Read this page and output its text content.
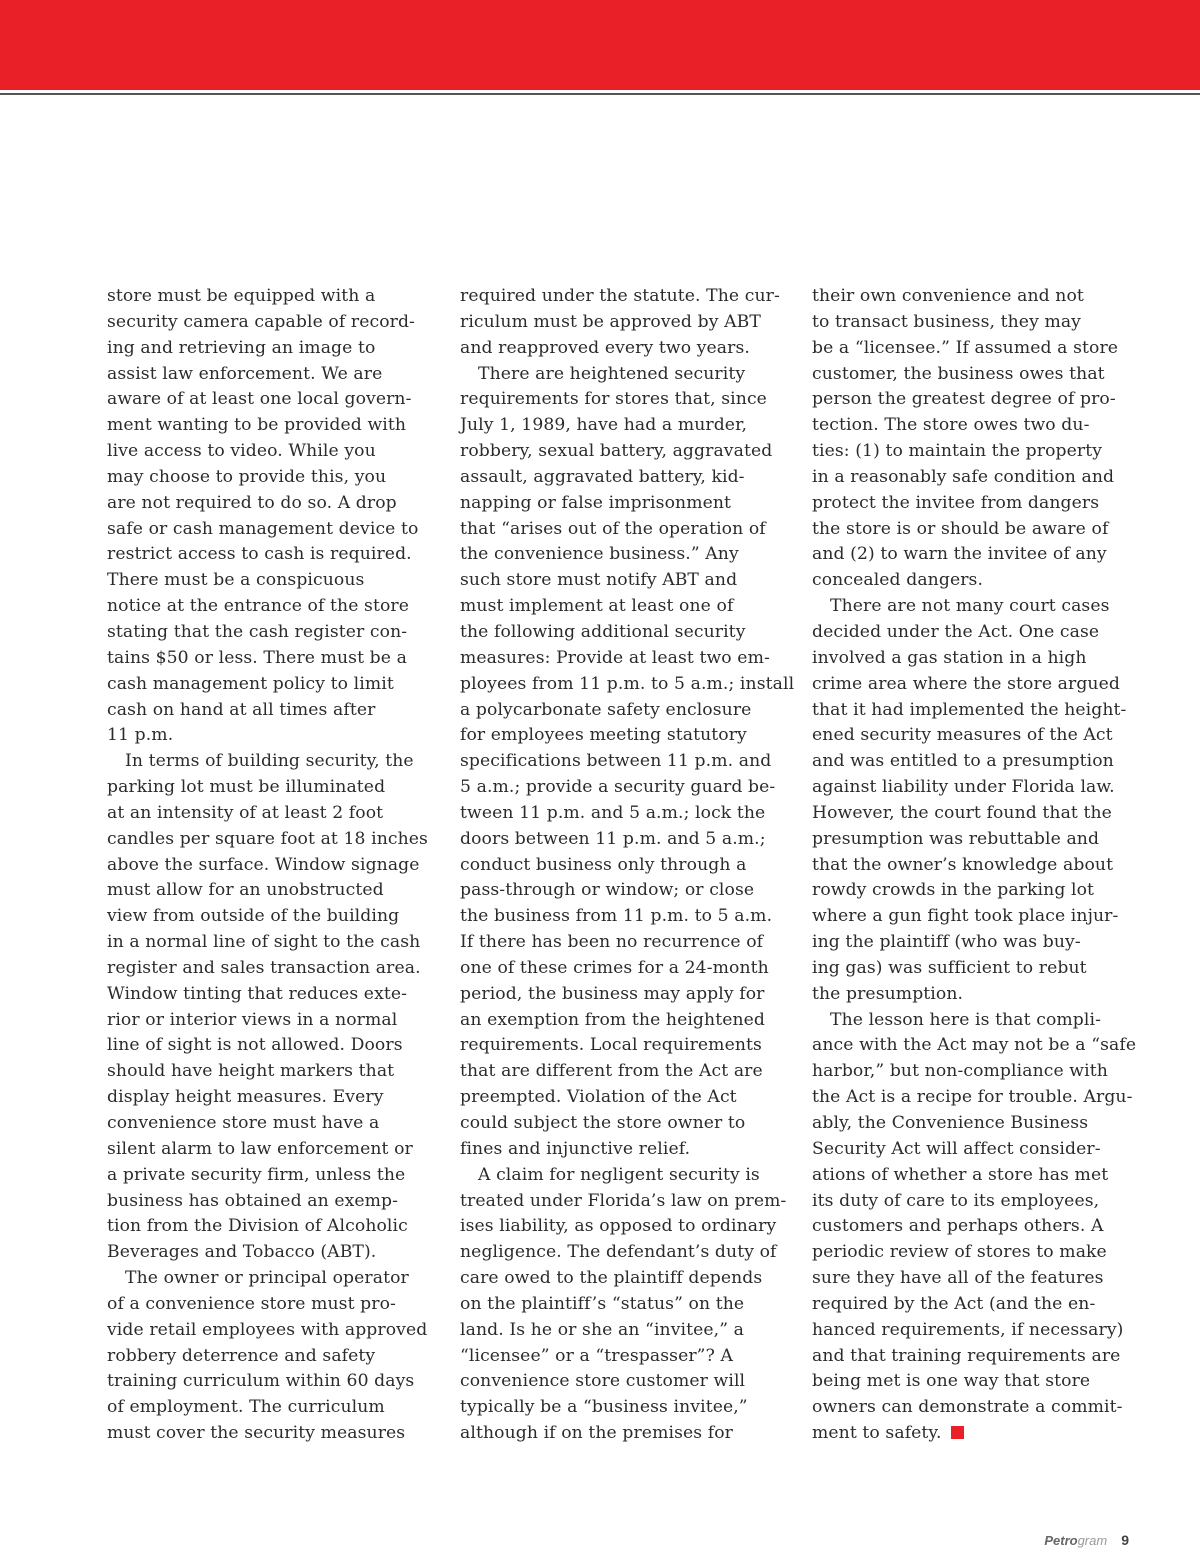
store must be equipped with a
security camera capable of record-
ing and retrieving an image to
assist law enforcement. We are
aware of at least one local govern-
ment wanting to be provided with
live access to video. While you
may choose to provide this, you
are not required to do so. A drop
safe or cash management device to
restrict access to cash is required.
There must be a conspicuous
notice at the entrance of the store
stating that the cash register con-
tains $50 or less. There must be a
cash management policy to limit
cash on hand at all times after
11 p.m.
In terms of building security, the
parking lot must be illuminated
at an intensity of at least 2 foot
candles per square foot at 18 inches
above the surface. Window signage
must allow for an unobstructed
view from outside of the building
in a normal line of sight to the cash
register and sales transaction area.
Window tinting that reduces exte-
rior or interior views in a normal
line of sight is not allowed. Doors
should have height markers that
display height measures. Every
convenience store must have a
silent alarm to law enforcement or
a private security firm, unless the
business has obtained an exemp-
tion from the Division of Alcoholic
Beverages and Tobacco (ABT).
The owner or principal operator
of a convenience store must pro-
vide retail employees with approved
robbery deterrence and safety
training curriculum within 60 days
of employment. The curriculum
must cover the security measures
required under the statute. The cur-
riculum must be approved by ABT
and reapproved every two years.
There are heightened security
requirements for stores that, since
July 1, 1989, have had a murder,
robbery, sexual battery, aggravated
assault, aggravated battery, kid-
napping or false imprisonment
that “arises out of the operation of
the convenience business.” Any
such store must notify ABT and
must implement at least one of
the following additional security
measures: Provide at least two em-
ployees from 11 p.m. to 5 a.m.; install
a polycarbonate safety enclosure
for employees meeting statutory
specifications between 11 p.m. and
5 a.m.; provide a security guard be-
tween 11 p.m. and 5 a.m.; lock the
doors between 11 p.m. and 5 a.m.;
conduct business only through a
pass-through or window; or close
the business from 11 p.m. to 5 a.m.
If there has been no recurrence of
one of these crimes for a 24-month
period, the business may apply for
an exemption from the heightened
requirements. Local requirements
that are different from the Act are
preempted. Violation of the Act
could subject the store owner to
fines and injunctive relief.
A claim for negligent security is
treated under Florida’s law on prem-
ises liability, as opposed to ordinary
negligence. The defendant’s duty of
care owed to the plaintiff depends
on the plaintiff’s “status” on the
land. Is he or she an “invitee,” a
“licensee” or a “trespasser”? A
convenience store customer will
typically be a “business invitee,”
although if on the premises for
their own convenience and not
to transact business, they may
be a “licensee.” If assumed a store
customer, the business owes that
person the greatest degree of pro-
tection. The store owes two du-
ties: (1) to maintain the property
in a reasonably safe condition and
protect the invitee from dangers
the store is or should be aware of
and (2) to warn the invitee of any
concealed dangers.
There are not many court cases
decided under the Act. One case
involved a gas station in a high
crime area where the store argued
that it had implemented the height-
ened security measures of the Act
and was entitled to a presumption
against liability under Florida law.
However, the court found that the
presumption was rebuttable and
that the owner’s knowledge about
rowdy crowds in the parking lot
where a gun fight took place injur-
ing the plaintiff (who was buy-
ing gas) was sufficient to rebut
the presumption.
The lesson here is that compli-
ance with the Act may not be a “safe
harbor,” but non-compliance with
the Act is a recipe for trouble. Argu-
ably, the Convenience Business
Security Act will affect consider-
ations of whether a store has met
its duty of care to its employees,
customers and perhaps others. A
periodic review of stores to make
sure they have all of the features
required by the Act (and the en-
hanced requirements, if necessary)
and that training requirements are
being met is one way that store
owners can demonstrate a commit-
ment to safety.
Petrogram 9
